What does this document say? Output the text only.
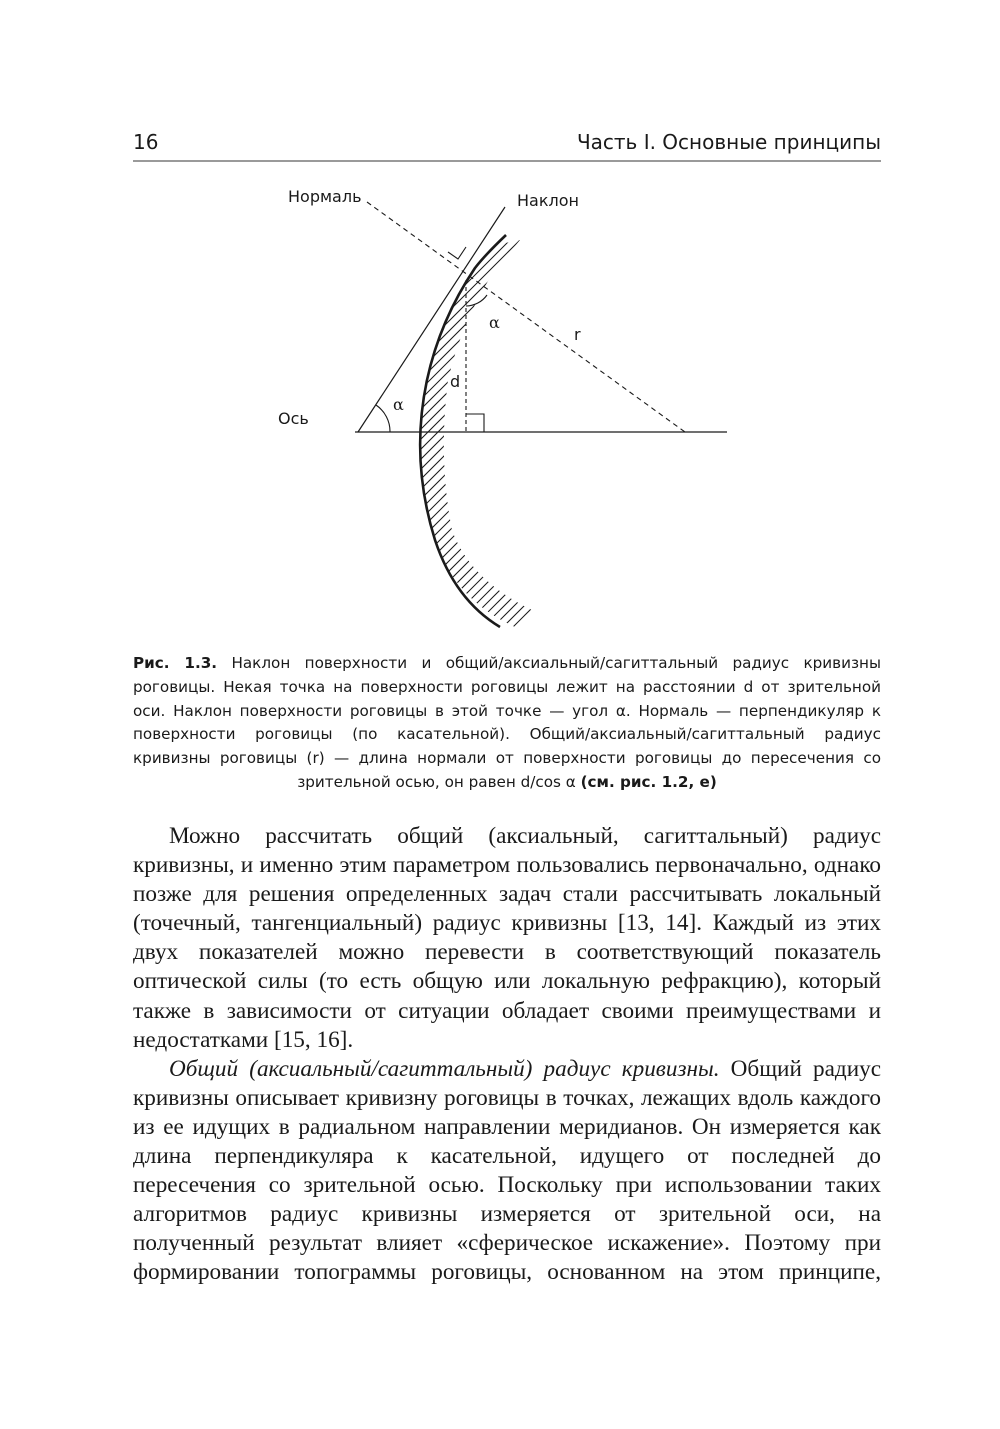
16	Часть I. Основные принципы
Нормаль	Наклон
Ось
α
α
r
d
Рис. 1.3. Наклон поверхности и общий/аксиальный/сагиттальный радиус кривизны роговицы. Некая точка на поверхности роговицы лежит на расстоянии d от зрительной оси. Наклон поверхности роговицы в этой точке — угол α. Нормаль — перпендикуляр к поверхности роговицы (по касательной). Общий/аксиальный/сагиттальный радиус кривизны роговицы (r) — длина нормали от поверхности роговицы до пересечения со зрительной осью, он равен d/cos α (см. рис. 1.2, е)

Можно рассчитать общий (аксиальный, сагиттальный) радиус кривизны, и именно этим параметром пользовались первоначально, однако позже для решения определенных задач стали рассчитывать локальный (точечный, тангенциальный) радиус кривизны [13, 14]. Каждый из этих двух показателей можно перевести в соответствующий показатель оптической силы (то есть общую или локальную рефракцию), который также в зависимости от ситуации обладает своими преимуществами и недостатками [15, 16].

Общий (аксиальный/сагиттальный) радиус кривизны. Общий радиус кривизны описывает кривизну роговицы в точках, лежащих вдоль каждого из ее идущих в радиальном направлении меридианов. Он измеряется как длина перпендикуляра к касательной, идущего от последней до пересечения со зрительной осью. Поскольку при использовании таких алгоритмов радиус кривизны измеряется от зрительной оси, на полученный результат влияет «сферическое искажение». Поэтому при формировании топограммы роговицы, основанном на этом принципе,
